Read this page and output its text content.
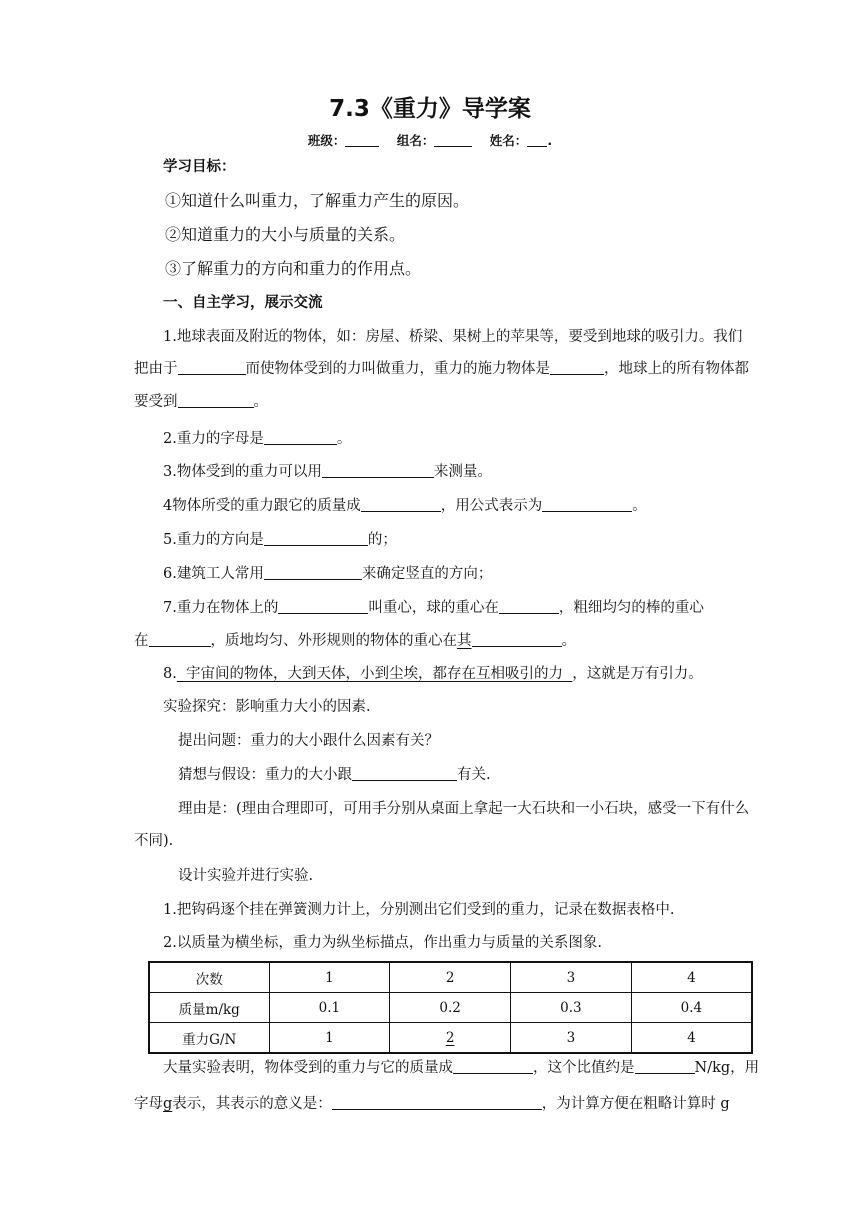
7.3《重力》导学案
班级：	组名：	姓名： .
学习目标：
①知道什么叫重力，了解重力产生的原因。
②知道重力的大小与质量的关系。
③了解重力的方向和重力的作用点。
一、自主学习，展示交流
1.地球表面及附近的物体，如：房屋、桥梁、果树上的苹果等，要受到地球的吸引力。我们
把由于	而使物体受到的力叫做重力，重力的施力物体是	，地球上的所有物体都
要受到	。
2.重力的字母是	。
3.物体受到的重力可以用	来测量。
4物体所受的重力跟它的质量成	，用公式表示为	。
5.重力的方向是	的；
6.建筑工人常用	来确定竖直的方向；
7.重力在物体上的	叫重心，球的重心在	，粗细均匀的棒的重心
在	，质地均匀、外形规则的物体的重心在其	。
8.  宇宙间的物体，大到天体，小到尘埃，都存在互相吸引的力  ，这就是万有引力。
实验探究：影响重力大小的因素.
提出问题：重力的大小跟什么因素有关？
猜想与假设：重力的大小跟	有关.
理由是：(理由合理即可，可用手分别从桌面上拿起一大石块和一小石块，感受一下有什么
不同).
设计实验并进行实验.
1.把钩码逐个挂在弹簧测力计上，分别测出它们受到的重力，记录在数据表格中.
2.以质量为横坐标，重力为纵坐标描点，作出重力与质量的关系图象.
次数	1	2	3	4
质量m/kg	0.1	0.2	0.3	0.4
重力G/N	1	2	3	4
大量实验表明，物体受到的重力与它的质量成	，这个比值约是	N/kg，用
字母g表示，其表示的意义是：	，为计算方便在粗略计算时 g
